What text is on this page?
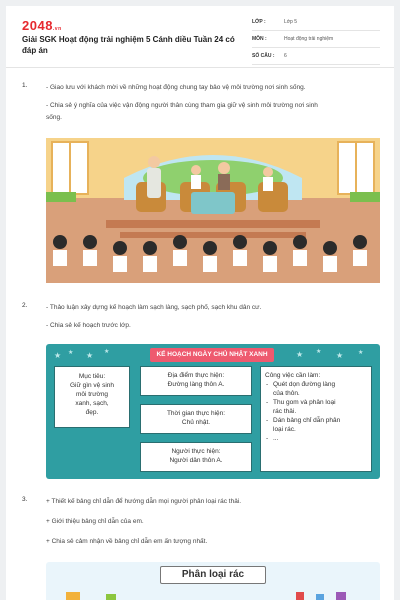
2048.vn
Giải SGK Hoạt động trải nghiệm 5 Cánh diều Tuần 24 có đáp án
LỚP :	Lớp 5
MÔN :	Hoạt động trải nghiệm
SỐ CÂU :	6
1.	- Giao lưu với khách mời về những hoạt động chung tay bảo vệ môi trường nơi sinh sống.
- Chia sẻ ý nghĩa của việc vận động người thân cùng tham gia giữ vệ sinh môi trường nơi sinh
sống.
2.	- Thảo luận xây dựng kế hoạch làm sạch làng, sạch phố, sạch khu dân cư.
- Chia sẻ kế hoạch trước lớp.
★ ★ ★ ★	★ ★ ★ ★
KẾ HOẠCH NGÀY CHỦ NHẬT XANH
Mục tiêu:
Giữ gìn vệ sinh
môi trường
xanh, sạch,
đẹp.
Địa điểm thực hiện:
Đường làng thôn A.
Thời gian thực hiện:
Chủ nhật.
Người thực hiện:
Người dân thôn A.
Công việc cần làm:
- Quét dọn đường làng
của thôn.
- Thu gom và phân loại
rác thải.
- Dán bảng chỉ dẫn phân
loại rác.
- ...
3.	+ Thiết kế bảng chỉ dẫn để hướng dẫn mọi người phân loại rác thải.
+ Giới thiệu bảng chỉ dẫn của em.
+ Chia sẻ cảm nhận về bảng chỉ dẫn em ấn tượng nhất.
Phân loại rác
